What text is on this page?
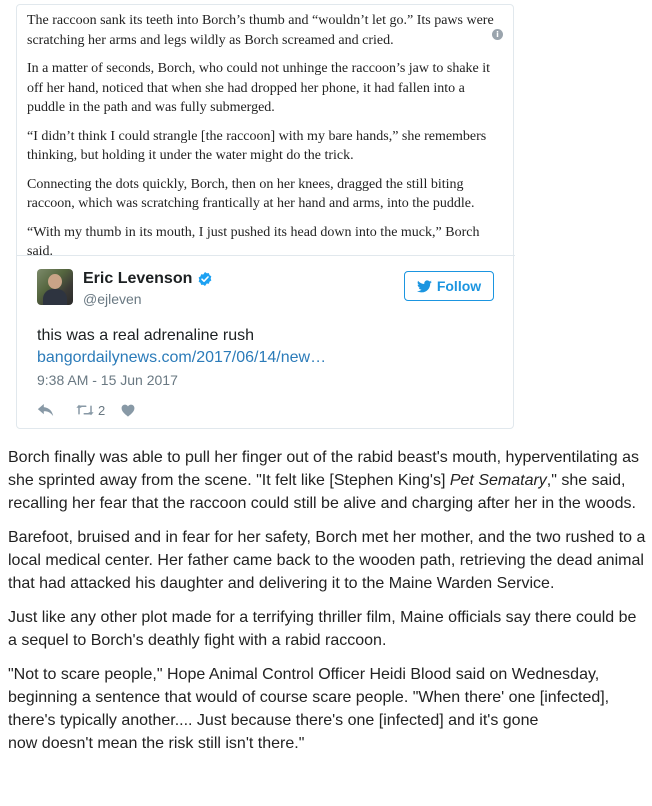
The raccoon sank its teeth into Borch’s thumb and “wouldn’t let go.” Its paws were scratching her arms and legs wildly as Borch screamed and cried.

In a matter of seconds, Borch, who could not unhinge the raccoon’s jaw to shake it off her hand, noticed that when she had dropped her phone, it had fallen into a puddle in the path and was fully submerged.

“I didn’t think I could strangle [the raccoon] with my bare hands,” she remembers thinking, but holding it under the water might do the trick.

Connecting the dots quickly, Borch, then on her knees, dragged the still biting raccoon, which was scratching frantically at her hand and arms, into the puddle.

“With my thumb in its mouth, I just pushed its head down into the muck,” Borch said.

i
Eric Levenson
@ejleven
Follow
this was a real adrenaline rush
bangordailynews.com/2017/06/14/new…
9:38 AM - 15 Jun 2017
2

Borch finally was able to pull her finger out of the rabid beast's mouth, hyperventilating as she sprinted away from the scene. "It felt like [Stephen King's] Pet Sematary," she said, recalling her fear that the raccoon could still be alive and charging after her in the woods.

Barefoot, bruised and in fear for her safety, Borch met her mother, and the two rushed to a local medical center. Her father came back to the wooden path, retrieving the dead animal that had attacked his daughter and delivering it to the Maine Warden Service.

Just like any other plot made for a terrifying thriller film, Maine officials say there could be a sequel to Borch's deathly fight with a rabid raccoon.

"Not to scare people," Hope Animal Control Officer Heidi Blood said on Wednesday, beginning a sentence that would of course scare people. "When there' one [infected], there's typically another.... Just because there's one [infected] and it's gone
now doesn't mean the risk still isn't there."
